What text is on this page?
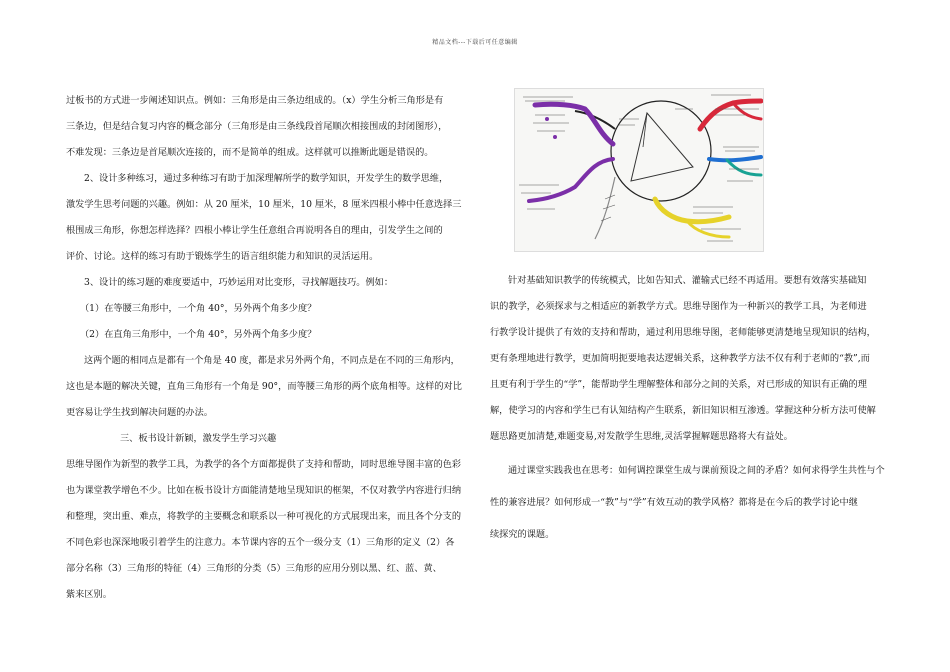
精品文档---下载后可任意编辑

过板书的方式进一步阐述知识点。例如：三角形是由三条边组成的。（x）学生分析三角形是有
三条边，但是结合复习内容的概念部分（三角形是由三条线段首尾顺次相接围成的封闭图形），
不难发现：三条边是首尾顺次连接的，而不是简单的组成。这样就可以推断此题是错误的。

2、设计多种练习，通过多种练习有助于加深理解所学的数学知识，开发学生的数学思维，
激发学生思考问题的兴趣。例如：从 20 厘米，10 厘米，10 厘米，8 厘米四根小棒中任意选择三
根围成三角形，你想怎样选择？四根小棒让学生任意组合再说明各自的理由，引发学生之间的
评价、讨论。这样的练习有助于锻炼学生的语言组织能力和知识的灵活运用。

3、设计的练习题的难度要适中，巧妙运用对比变形，寻找解题技巧。例如：

（1）在等腰三角形中，一个角 40°，另外两个角多少度？

（2）在直角三角形中，一个角 40°，另外两个角多少度？

这两个题的相同点是都有一个角是 40 度，都是求另外两个角，不同点是在不同的三角形内，
这也是本题的解决关键，直角三角形有一个角是 90°，而等腰三角形的两个底角相等。这样的对比
更容易让学生找到解决问题的办法。

三、板书设计新颖，激发学生学习兴趣

思维导图作为新型的教学工具，为教学的各个方面都提供了支持和帮助，同时思维导图丰富的色彩
也为课堂教学增色不少。比如在板书设计方面能清楚地呈现知识的框架，不仅对教学内容进行归纳
和整理，突出重、难点，将教学的主要概念和联系以一种可视化的方式展现出来，而且各个分支的
不同色彩也深深地吸引着学生的注意力。本节课内容的五个一级分支（1）三角形的定义（2）各
部分名称（3）三角形的特征（4）三角形的分类（5）三角形的应用分别以黑、红、蓝、黄、
紫来区别。

针对基础知识教学的传统模式，比如告知式、灌输式已经不再适用。要想有效落实基础知
识的教学，必须探求与之相适应的新教学方式。思维导图作为一种新兴的教学工具，为老师进
行教学设计提供了有效的支持和帮助，通过利用思维导图，老师能够更清楚地呈现知识的结构，
更有条理地进行教学，更加简明扼要地表达逻辑关系，这种教学方法不仅有利于老师的“教”,而
且更有利于学生的“学”，能帮助学生理解整体和部分之间的关系，对已形成的知识有正确的理
解，使学习的内容和学生已有认知结构产生联系，新旧知识相互渗透。掌握这种分析方法可使解
题思路更加清楚,难题变易,对发散学生思维,灵活掌握解题思路将大有益处。

通过课堂实践我也在思考：如何调控课堂生成与课前预设之间的矛盾？如何求得学生共性与个
性的兼容进展？如何形成一“教”与“学”有效互动的教学风格？都将是在今后的教学讨论中继
续探究的课题。
